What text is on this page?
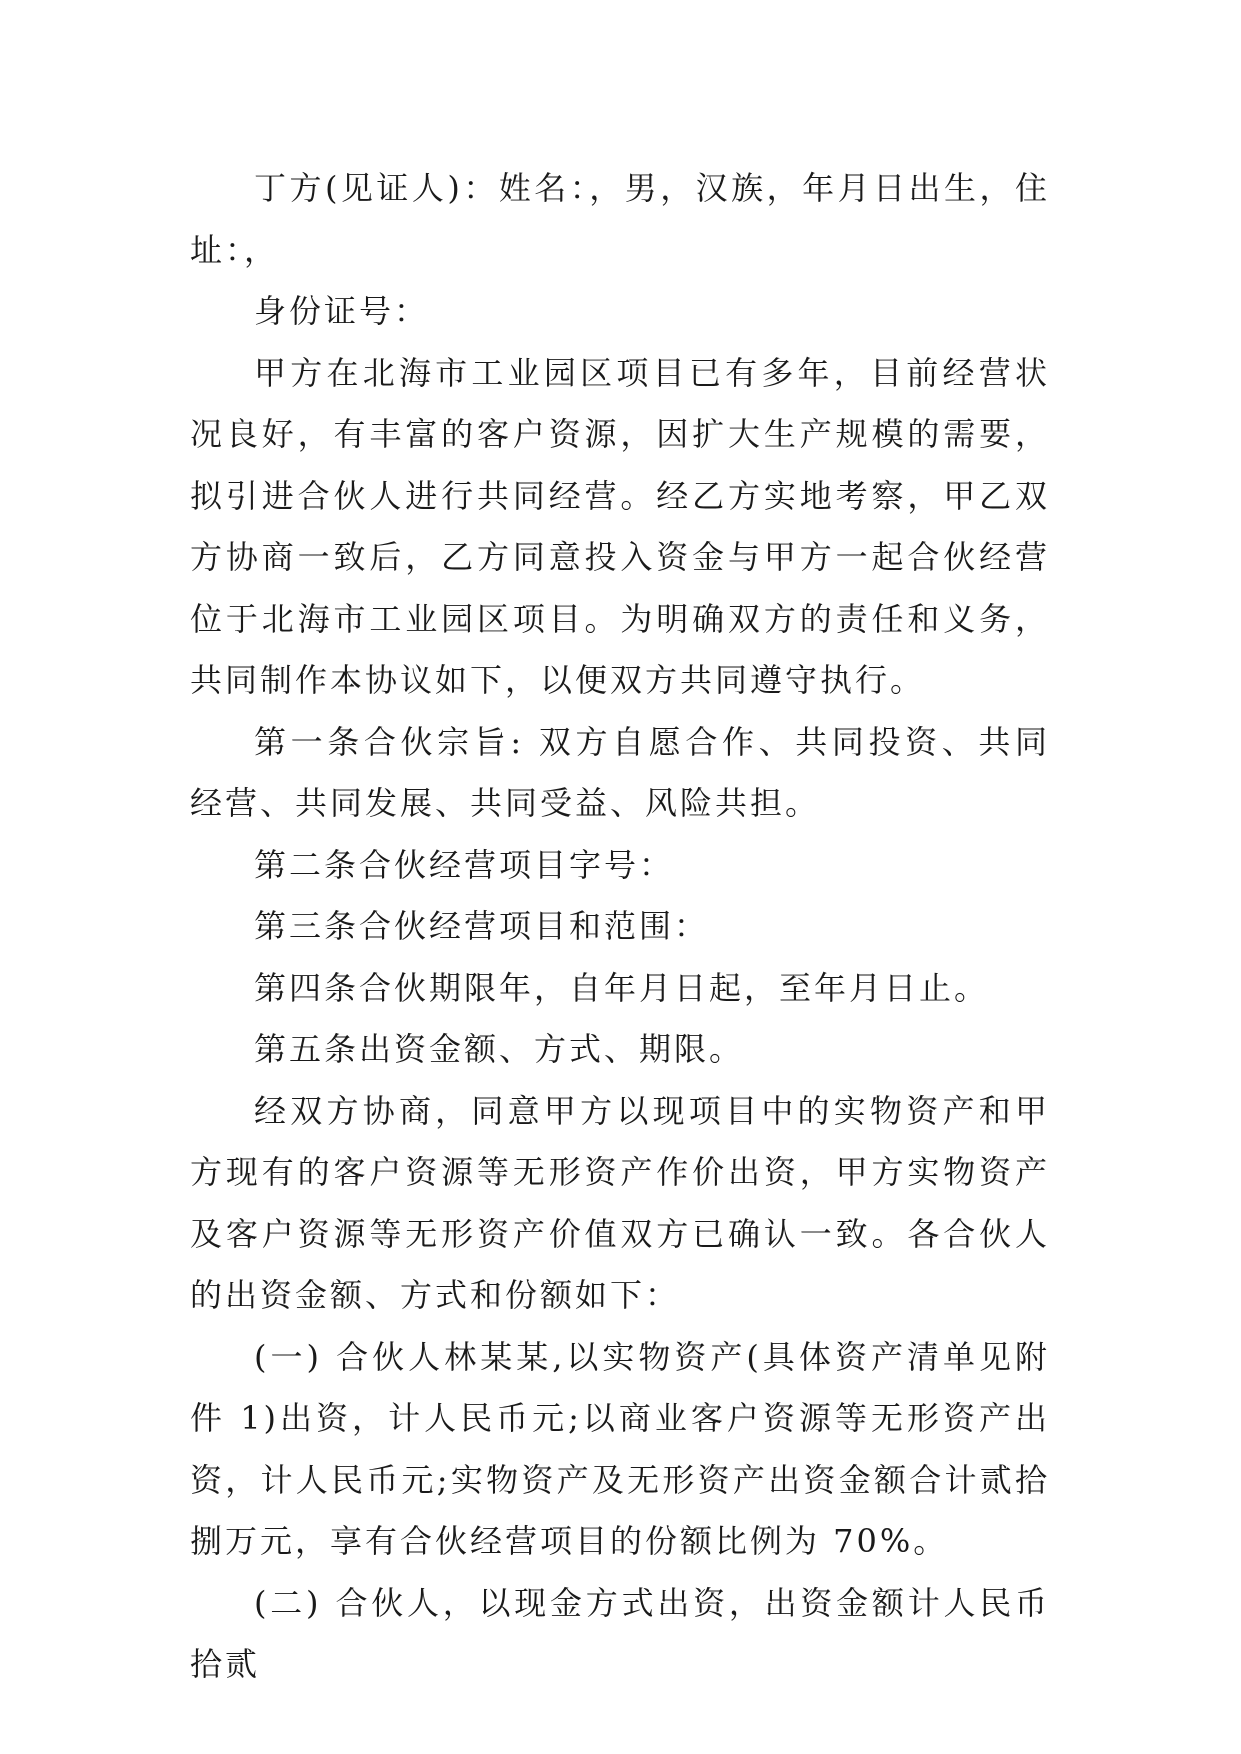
丁方(见证人)：姓名：，男，汉族，年月日出生，住址：，

身份证号：

甲方在北海市工业园区项目已有多年，目前经营状况良好，有丰富的客户资源，因扩大生产规模的需要，拟引进合伙人进行共同经营。经乙方实地考察，甲乙双方协商一致后，乙方同意投入资金与甲方一起合伙经营位于北海市工业园区项目。为明确双方的责任和义务，共同制作本协议如下，以便双方共同遵守执行。

第一条合伙宗旨: 双方自愿合作、共同投资、共同经营、共同发展、共同受益、风险共担。

第二条合伙经营项目字号：

第三条合伙经营项目和范围：

第四条合伙期限年，自年月日起，至年月日止。

第五条出资金额、方式、期限。

经双方协商，同意甲方以现项目中的实物资产和甲方现有的客户资源等无形资产作价出资，甲方实物资产及客户资源等无形资产价值双方已确认一致。各合伙人的出资金额、方式和份额如下：

(一) 合伙人林某某,以实物资产(具体资产清单见附件 1)出资，计人民币元;以商业客户资源等无形资产出资，计人民币元;实物资产及无形资产出资金额合计贰拾捌万元，享有合伙经营项目的份额比例为 70%。

(二) 合伙人，以现金方式出资，出资金额计人民币拾贰
